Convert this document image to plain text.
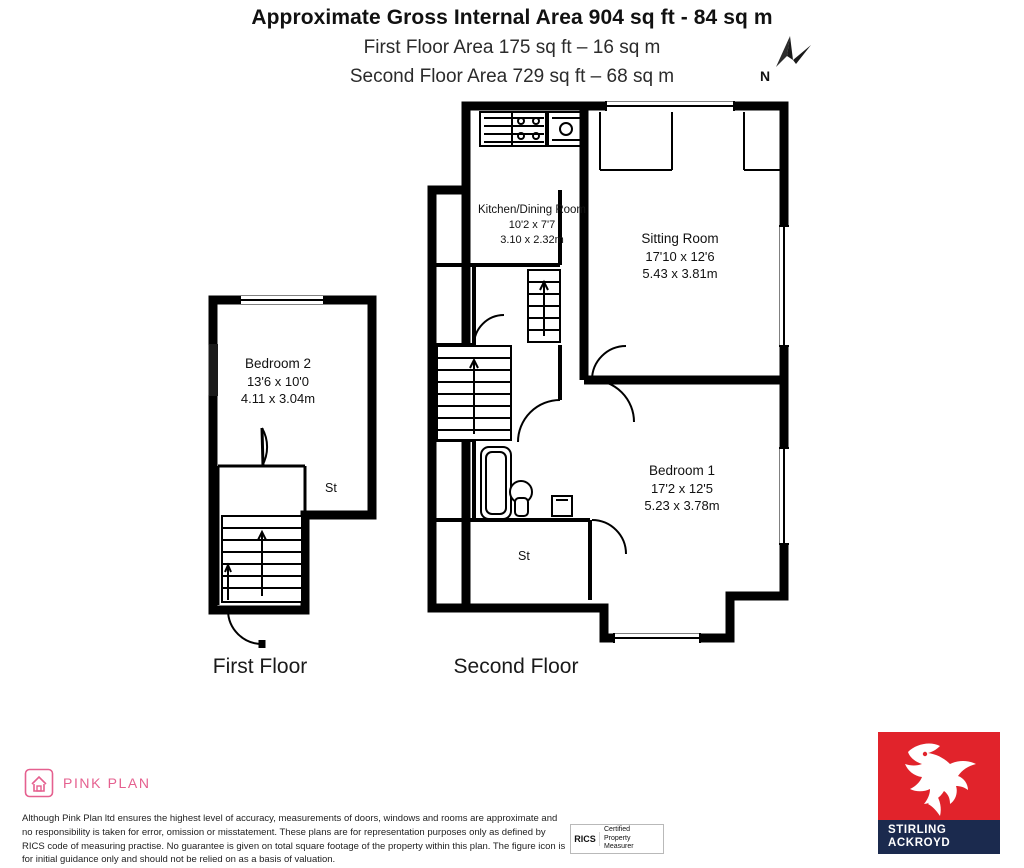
Approximate Gross Internal Area 904 sq ft - 84 sq m
First Floor Area 175 sq ft – 16 sq m
Second Floor Area 729 sq ft – 68 sq m	N
Bedroom 2
13'6 x 10'0
4.11 x 3.04m
Kitchen/Dining Room
10'2 x 7'7
3.10 x 2.32m	Sitting Room
17'10 x 12'6
5.43 x 3.81m
Bedroom 1
17'2 x 12'5
5.23 x 3.78m
St
St
First Floor	Second Floor
PINK PLAN
Although Pink Plan ltd ensures the highest level of accuracy, measurements of doors, windows and rooms are approximate and no responsibility is taken for error, omission or misstatement. These plans are for representation purposes only as defined by RICS code of measuring practise. No guarantee is given on total square footage of the property within this plan. The figure icon is for initial guidance only and should not be relied on as a basis of valuation.
RICS
Certified
Property
Measurer
STIRLING
ACKROYD
